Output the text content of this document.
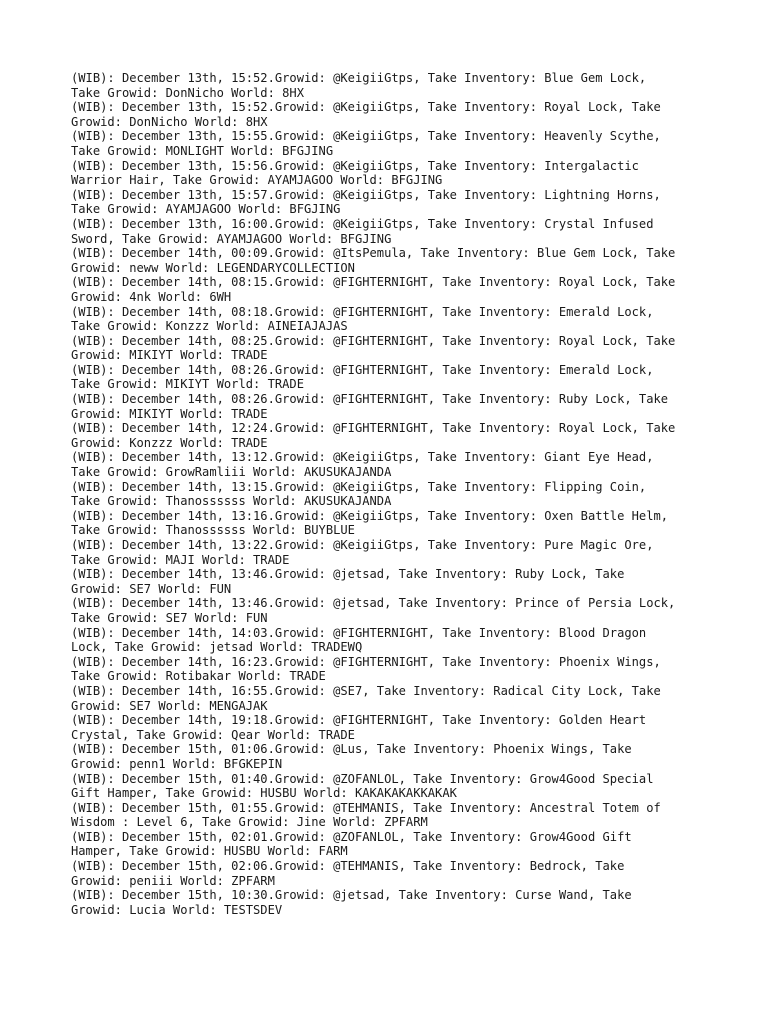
(WIB): December 13th, 15:52.Growid: @KeigiiGtps, Take Inventory: Blue Gem Lock,
Take Growid: DonNicho World: 8HX
(WIB): December 13th, 15:52.Growid: @KeigiiGtps, Take Inventory: Royal Lock, Take
Growid: DonNicho World: 8HX
(WIB): December 13th, 15:55.Growid: @KeigiiGtps, Take Inventory: Heavenly Scythe,
Take Growid: MONLIGHT World: BFGJING
(WIB): December 13th, 15:56.Growid: @KeigiiGtps, Take Inventory: Intergalactic
Warrior Hair, Take Growid: AYAMJAGOO World: BFGJING
(WIB): December 13th, 15:57.Growid: @KeigiiGtps, Take Inventory: Lightning Horns,
Take Growid: AYAMJAGOO World: BFGJING
(WIB): December 13th, 16:00.Growid: @KeigiiGtps, Take Inventory: Crystal Infused
Sword, Take Growid: AYAMJAGOO World: BFGJING
(WIB): December 14th, 00:09.Growid: @ItsPemula, Take Inventory: Blue Gem Lock, Take
Growid: neww World: LEGENDARYCOLLECTION
(WIB): December 14th, 08:15.Growid: @FIGHTERNIGHT, Take Inventory: Royal Lock, Take
Growid: 4nk World: 6WH
(WIB): December 14th, 08:18.Growid: @FIGHTERNIGHT, Take Inventory: Emerald Lock,
Take Growid: Konzzz World: AINEIAJAJAS
(WIB): December 14th, 08:25.Growid: @FIGHTERNIGHT, Take Inventory: Royal Lock, Take
Growid: MIKIYT World: TRADE
(WIB): December 14th, 08:26.Growid: @FIGHTERNIGHT, Take Inventory: Emerald Lock,
Take Growid: MIKIYT World: TRADE
(WIB): December 14th, 08:26.Growid: @FIGHTERNIGHT, Take Inventory: Ruby Lock, Take
Growid: MIKIYT World: TRADE
(WIB): December 14th, 12:24.Growid: @FIGHTERNIGHT, Take Inventory: Royal Lock, Take
Growid: Konzzz World: TRADE
(WIB): December 14th, 13:12.Growid: @KeigiiGtps, Take Inventory: Giant Eye Head,
Take Growid: GrowRamliii World: AKUSUKAJANDA
(WIB): December 14th, 13:15.Growid: @KeigiiGtps, Take Inventory: Flipping Coin,
Take Growid: Thanossssss World: AKUSUKAJANDA
(WIB): December 14th, 13:16.Growid: @KeigiiGtps, Take Inventory: Oxen Battle Helm,
Take Growid: Thanossssss World: BUYBLUE
(WIB): December 14th, 13:22.Growid: @KeigiiGtps, Take Inventory: Pure Magic Ore,
Take Growid: MAJI World: TRADE
(WIB): December 14th, 13:46.Growid: @jetsad, Take Inventory: Ruby Lock, Take
Growid: SE7 World: FUN
(WIB): December 14th, 13:46.Growid: @jetsad, Take Inventory: Prince of Persia Lock,
Take Growid: SE7 World: FUN
(WIB): December 14th, 14:03.Growid: @FIGHTERNIGHT, Take Inventory: Blood Dragon
Lock, Take Growid: jetsad World: TRADEWQ
(WIB): December 14th, 16:23.Growid: @FIGHTERNIGHT, Take Inventory: Phoenix Wings,
Take Growid: Rotibakar World: TRADE
(WIB): December 14th, 16:55.Growid: @SE7, Take Inventory: Radical City Lock, Take
Growid: SE7 World: MENGAJAK
(WIB): December 14th, 19:18.Growid: @FIGHTERNIGHT, Take Inventory: Golden Heart
Crystal, Take Growid: Qear World: TRADE
(WIB): December 15th, 01:06.Growid: @Lus, Take Inventory: Phoenix Wings, Take
Growid: penn1 World: BFGKEPIN
(WIB): December 15th, 01:40.Growid: @ZOFANLOL, Take Inventory: Grow4Good Special
Gift Hamper, Take Growid: HUSBU World: KAKAKAKAKKAKAK
(WIB): December 15th, 01:55.Growid: @TEHMANIS, Take Inventory: Ancestral Totem of
Wisdom : Level 6, Take Growid: Jine World: ZPFARM
(WIB): December 15th, 02:01.Growid: @ZOFANLOL, Take Inventory: Grow4Good Gift
Hamper, Take Growid: HUSBU World: FARM
(WIB): December 15th, 02:06.Growid: @TEHMANIS, Take Inventory: Bedrock, Take
Growid: peniii World: ZPFARM
(WIB): December 15th, 10:30.Growid: @jetsad, Take Inventory: Curse Wand, Take
Growid: Lucia World: TESTSDEV
